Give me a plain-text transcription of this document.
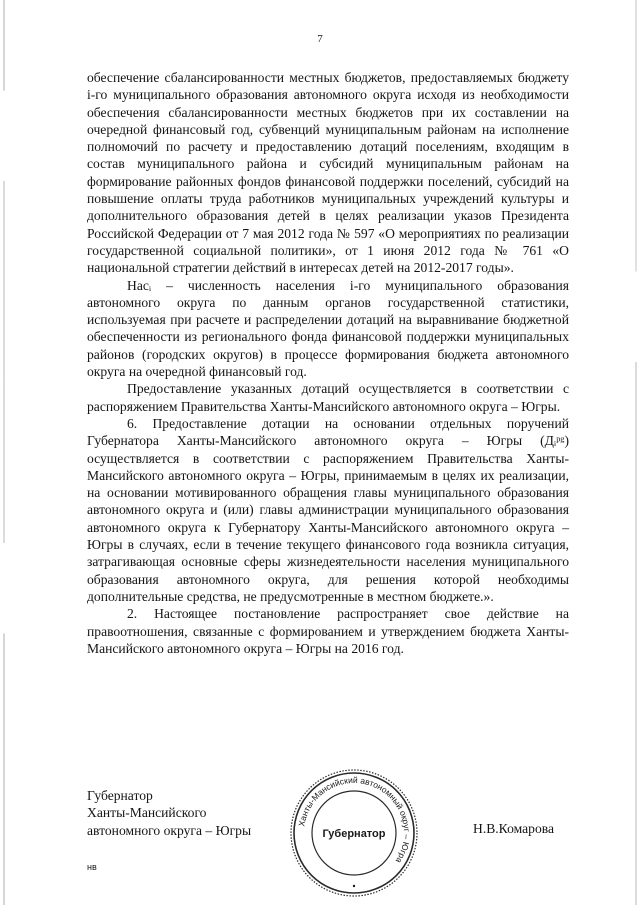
7

обеспечение сбалансированности местных бюджетов, предоставляемых бюджету i-го муниципального образования автономного округа исходя из необходимости обеспечения сбалансированности местных бюджетов при их составлении на очередной финансовый год, субвенций муниципальным районам на исполнение полномочий по расчету и предоставлению дотаций поселениям, входящим в состав муниципального района и субсидий муниципальным районам на формирование районных фондов финансовой поддержки поселений, субсидий на повышение оплаты труда работников муниципальных учреждений культуры и дополнительного образования детей в целях реализации указов Президента Российской Федерации от 7 мая 2012 года № 597 «О мероприятиях по реализации государственной социальной политики», от 1 июня 2012 года № 761 «О национальной стратегии действий в интересах детей на 2012-2017 годы».

Насᵢ – численность населения i-го муниципального образования автономного округа по данным органов государственной статистики, используемая при расчете и распределении дотаций на выравнивание бюджетной обеспеченности из регионального фонда финансовой поддержки муниципальных районов (городских округов) в процессе формирования бюджета автономного округа на очередной финансовый год.

Предоставление указанных дотаций осуществляется в соответствии с распоряжением Правительства Ханты-Мансийского автономного округа – Югры.

6. Предоставление дотации на основании отдельных поручений Губернатора Ханты-Мансийского автономного округа – Югры (Дᵢᵖᵍ) осуществляется в соответствии с распоряжением Правительства Ханты-Мансийского автономного округа – Югры, принимаемым в целях их реализации, на основании мотивированного обращения главы муниципального образования автономного округа и (или) главы администрации муниципального образования автономного округа к Губернатору Ханты-Мансийского автономного округа – Югры в случаях, если в течение текущего финансового года возникла ситуация, затрагивающая основные сферы жизнедеятельности населения муниципального образования автономного округа, для решения которой необходимы дополнительные средства, не предусмотренные в местном бюджете.».

2. Настоящее постановление распространяет свое действие на правоотношения, связанные с формированием и утверждением бюджета Ханты-Мансийского автономного округа – Югры на 2016 год.

Губернатор
Ханты-Мансийского
автономного округа – Югры	Ханты-Мансийский автономный округ – Югра
Губернатор	Н.В.Комарова
нв
